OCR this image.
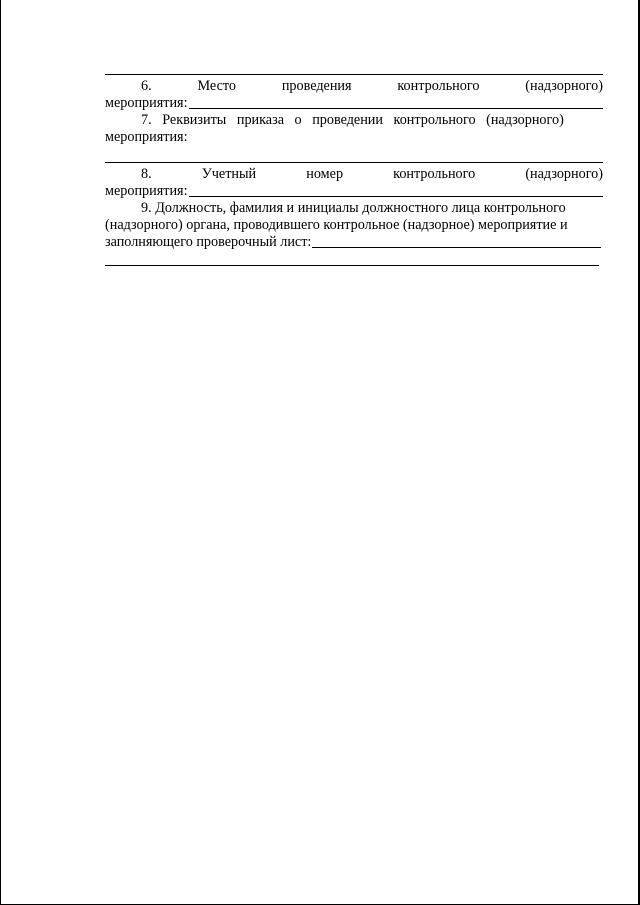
6.	Место	проведения	контрольного	(надзорного)
мероприятия:
7. Реквизиты приказа о проведении контрольного (надзорного)
мероприятия:
8.	Учетный	номер	контрольного	(надзорного)
мероприятия:
9. Должность, фамилия и инициалы должностного лица контрольного
(надзорного) органа, проводившего контрольное (надзорное) мероприятие и
заполняющего проверочный лист:
